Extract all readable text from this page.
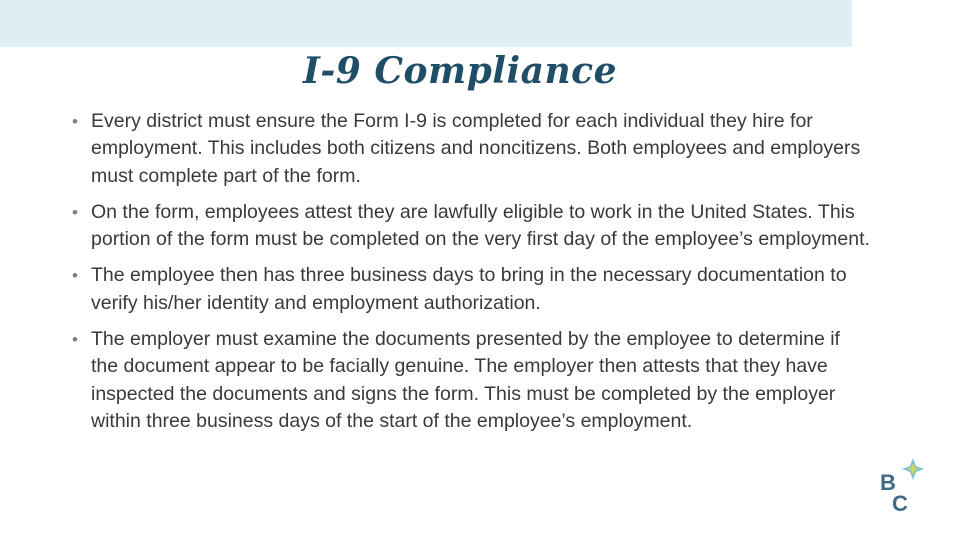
I-9 Compliance
• Every district must ensure the Form I-9 is completed for each individual they hire for employment. This includes both citizens and noncitizens. Both employees and employers must complete part of the form.
• On the form, employees attest they are lawfully eligible to work in the United States. This portion of the form must be completed on the very first day of the employee’s employment.
• The employee then has three business days to bring in the necessary documentation to verify his/her identity and employment authorization.
• The employer must examine the documents presented by the employee to determine if the document appear to be facially genuine. The employer then attests that they have inspected the documents and signs the form. This must be completed by the employer within three business days of the start of the employee’s employment.
B
C
